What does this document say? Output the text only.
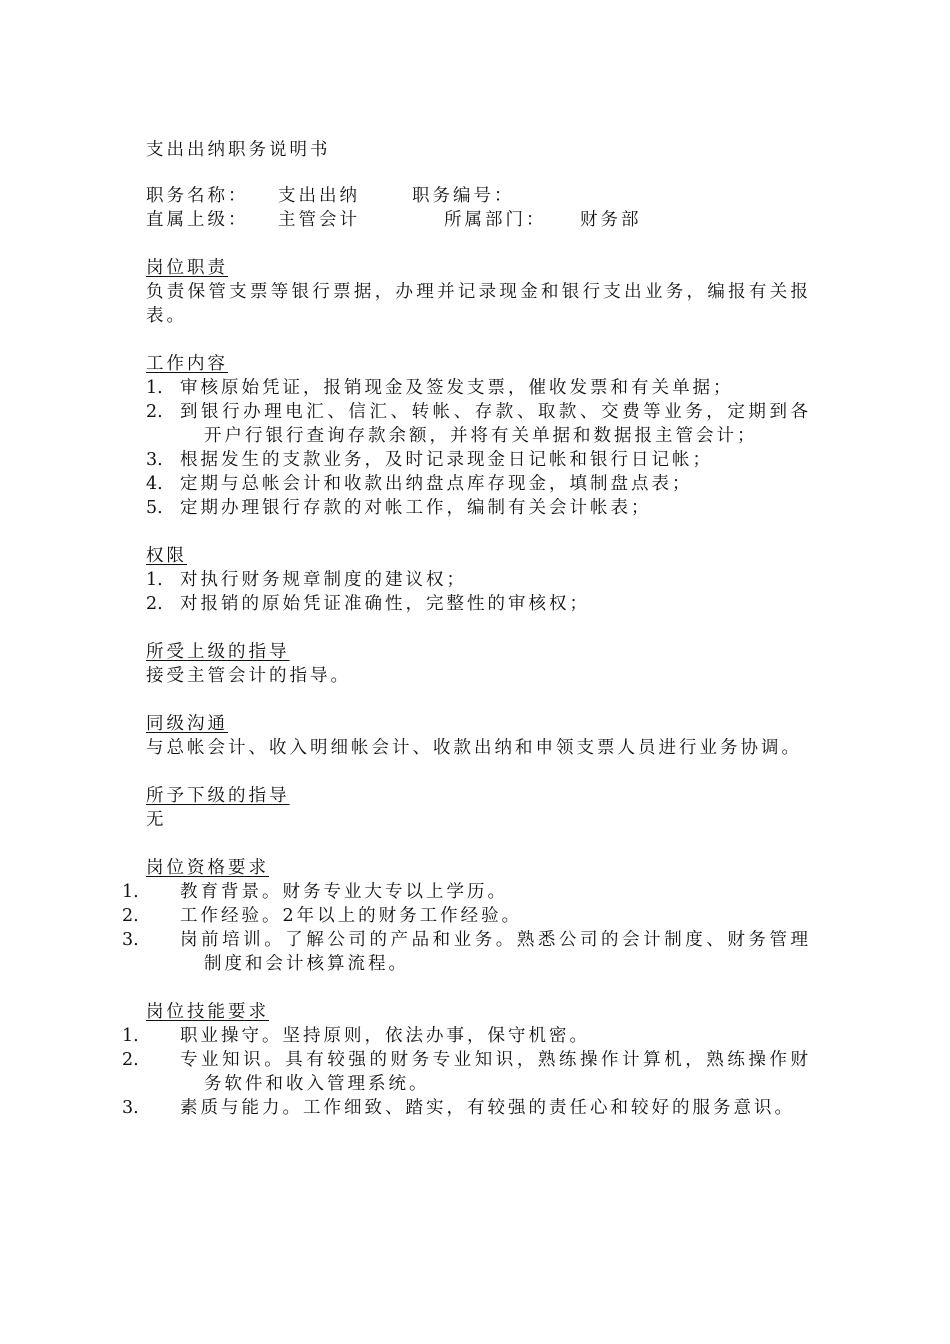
支出出纳职务说明书
职务名称：	支出出纳	职务编号：
直属上级：	主管会计	所属部门：	财务部
岗位职责

负责保管支票等银行票据，办理并记录现金和银行支出业务，编报有关报表。

工作内容
1. 审核原始凭证，报销现金及签发支票，催收发票和有关单据；
2. 到银行办理电汇、信汇、转帐、存款、取款、交费等业务，定期到各开户行银行查询存款余额，并将有关单据和数据报主管会计；
3. 根据发生的支款业务，及时记录现金日记帐和银行日记帐；
4. 定期与总帐会计和收款出纳盘点库存现金，填制盘点表；
5. 定期办理银行存款的对帐工作，编制有关会计帐表；
权限
1. 对执行财务规章制度的建议权；
2. 对报销的原始凭证准确性，完整性的审核权；
所受上级的指导

接受主管会计的指导。

同级沟通

与总帐会计、收入明细帐会计、收款出纳和申领支票人员进行业务协调。

所予下级的指导

无

岗位资格要求
1.	教育背景。财务专业大专以上学历。
2.	工作经验。2年以上的财务工作经验。
3.	岗前培训。了解公司的产品和业务。熟悉公司的会计制度、财务管理制度和会计核算流程。
岗位技能要求
1.	职业操守。坚持原则，依法办事，保守机密。
2.	专业知识。具有较强的财务专业知识，熟练操作计算机，熟练操作财务软件和收入管理系统。
3.	素质与能力。工作细致、踏实，有较强的责任心和较好的服务意识。
